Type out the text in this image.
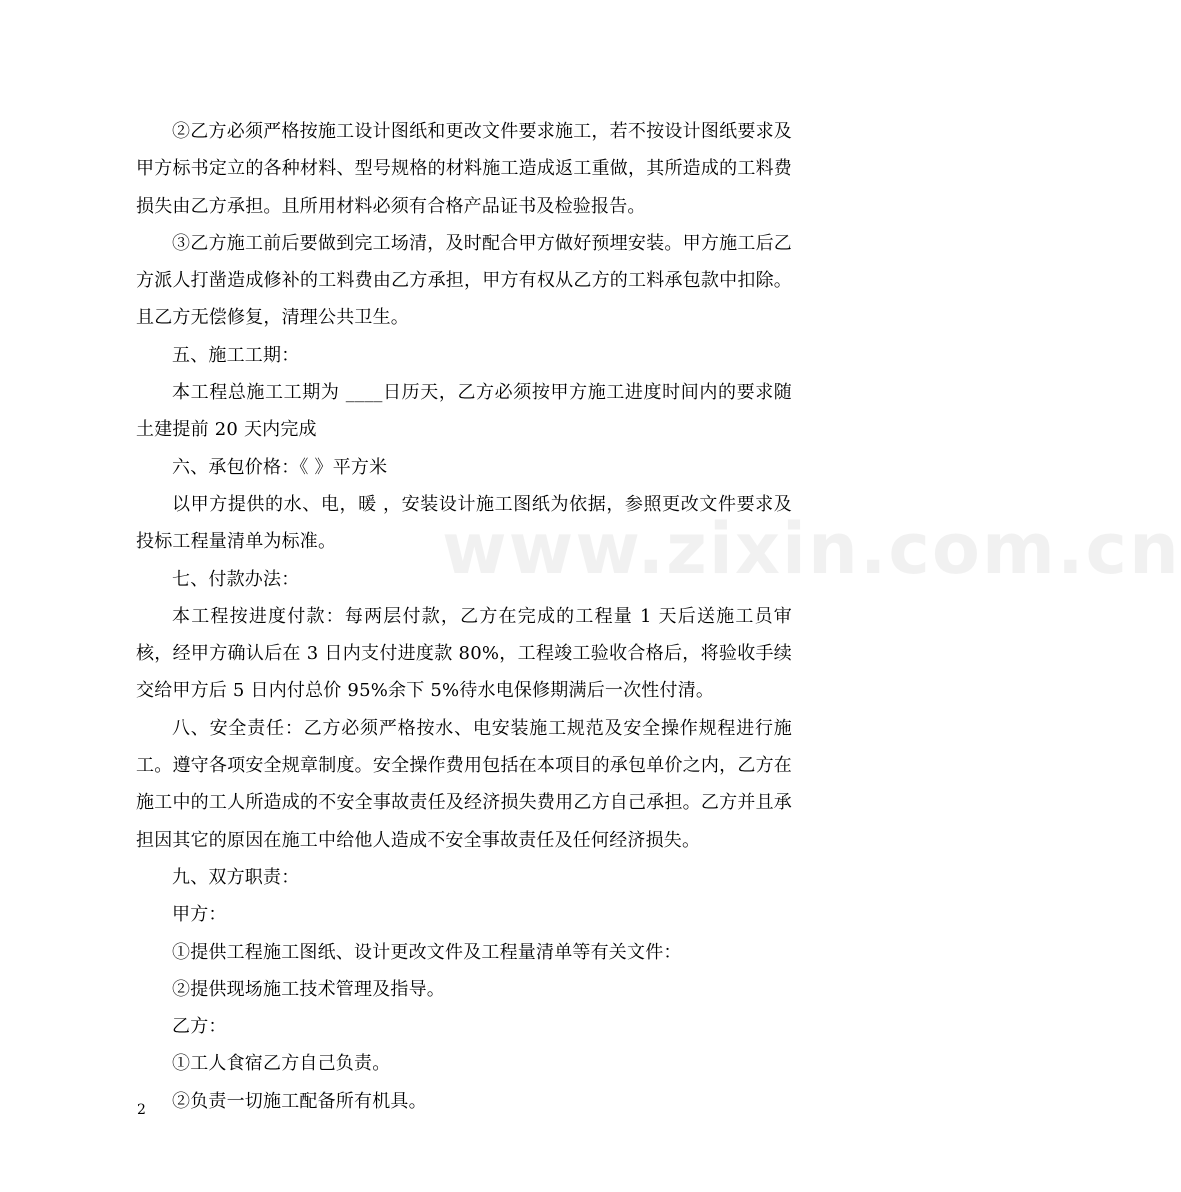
②乙方必须严格按施工设计图纸和更改文件要求施工，若不按设计图纸要求及甲方标书定立的各种材料、型号规格的材料施工造成返工重做，其所造成的工料费损失由乙方承担。且所用材料必须有合格产品证书及检验报告。

③乙方施工前后要做到完工场清，及时配合甲方做好预埋安装。甲方施工后乙方派人打凿造成修补的工料费由乙方承担，甲方有权从乙方的工料承包款中扣除。且乙方无偿修复，清理公共卫生。

五、施工工期：

本工程总施工工期为 ____日历天，乙方必须按甲方施工进度时间内的要求随土建提前 20 天内完成

六、承包价格：《 》平方米

以甲方提供的水、电，暖 ，安装设计施工图纸为依据，参照更改文件要求及投标工程量清单为标准。

七、付款办法：

本工程按进度付款：每两层付款，乙方在完成的工程量 1 天后送施工员审核，经甲方确认后在 3 日内支付进度款 80%，工程竣工验收合格后，将验收手续交给甲方后 5 日内付总价 95%余下 5%待水电保修期满后一次性付清。

八、安全责任：乙方必须严格按水、电安装施工规范及安全操作规程进行施工。遵守各项安全规章制度。安全操作费用包括在本项目的承包单价之内，乙方在施工中的工人所造成的不安全事故责任及经济损失费用乙方自己承担。乙方并且承担因其它的原因在施工中给他人造成不安全事故责任及任何经济损失。

九、双方职责：

甲方：

①提供工程施工图纸、设计更改文件及工程量清单等有关文件：

②提供现场施工技术管理及指导。

乙方：

①工人食宿乙方自己负责。

②负责一切施工配备所有机具。

www.zixin.com.cn
2
